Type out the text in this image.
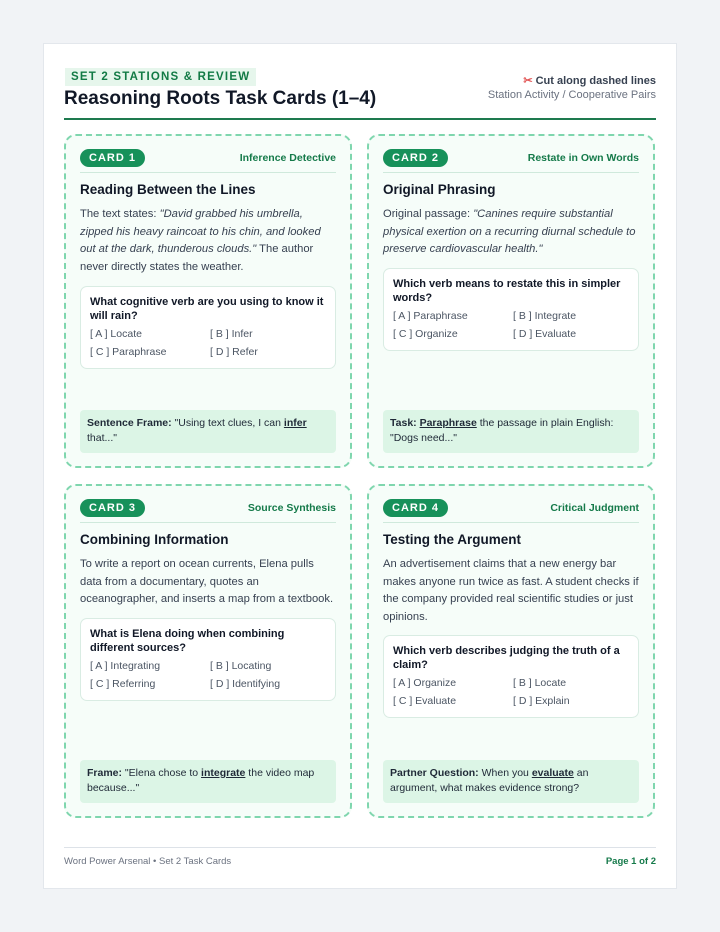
SET 2 STATIONS & REVIEW
Reasoning Roots Task Cards (1–4)
✂ Cut along dashed lines
Station Activity / Cooperative Pairs
CARD 1	Inference Detective
Reading Between the Lines
The text states: "David grabbed his umbrella, zipped his heavy raincoat to his chin, and looked out at the dark, thunderous clouds." The author never directly states the weather.
What cognitive verb are you using to know it will rain?
[ A ] Locate	[ B ] Infer
[ C ] Paraphrase	[ D ] Refer
Sentence Frame: "Using text clues, I can infer that..."
CARD 2	Restate in Own Words
Original Phrasing
Original passage: "Canines require substantial physical exertion on a recurring diurnal schedule to preserve cardiovascular health."
Which verb means to restate this in simpler words?
[ A ] Paraphrase	[ B ] Integrate
[ C ] Organize	[ D ] Evaluate
Task: Paraphrase the passage in plain English: "Dogs need..."
CARD 3	Source Synthesis
Combining Information
To write a report on ocean currents, Elena pulls data from a documentary, quotes an oceanographer, and inserts a map from a textbook.
What is Elena doing when combining different sources?
[ A ] Integrating	[ B ] Locating
[ C ] Referring	[ D ] Identifying
Frame: "Elena chose to integrate the video map because..."
CARD 4	Critical Judgment
Testing the Argument
An advertisement claims that a new energy bar makes anyone run twice as fast. A student checks if the company provided real scientific studies or just opinions.
Which verb describes judging the truth of a claim?
[ A ] Organize	[ B ] Locate
[ C ] Evaluate	[ D ] Explain
Partner Question: When you evaluate an argument, what makes evidence strong?
Word Power Arsenal • Set 2 Task Cards	Page 1 of 2
